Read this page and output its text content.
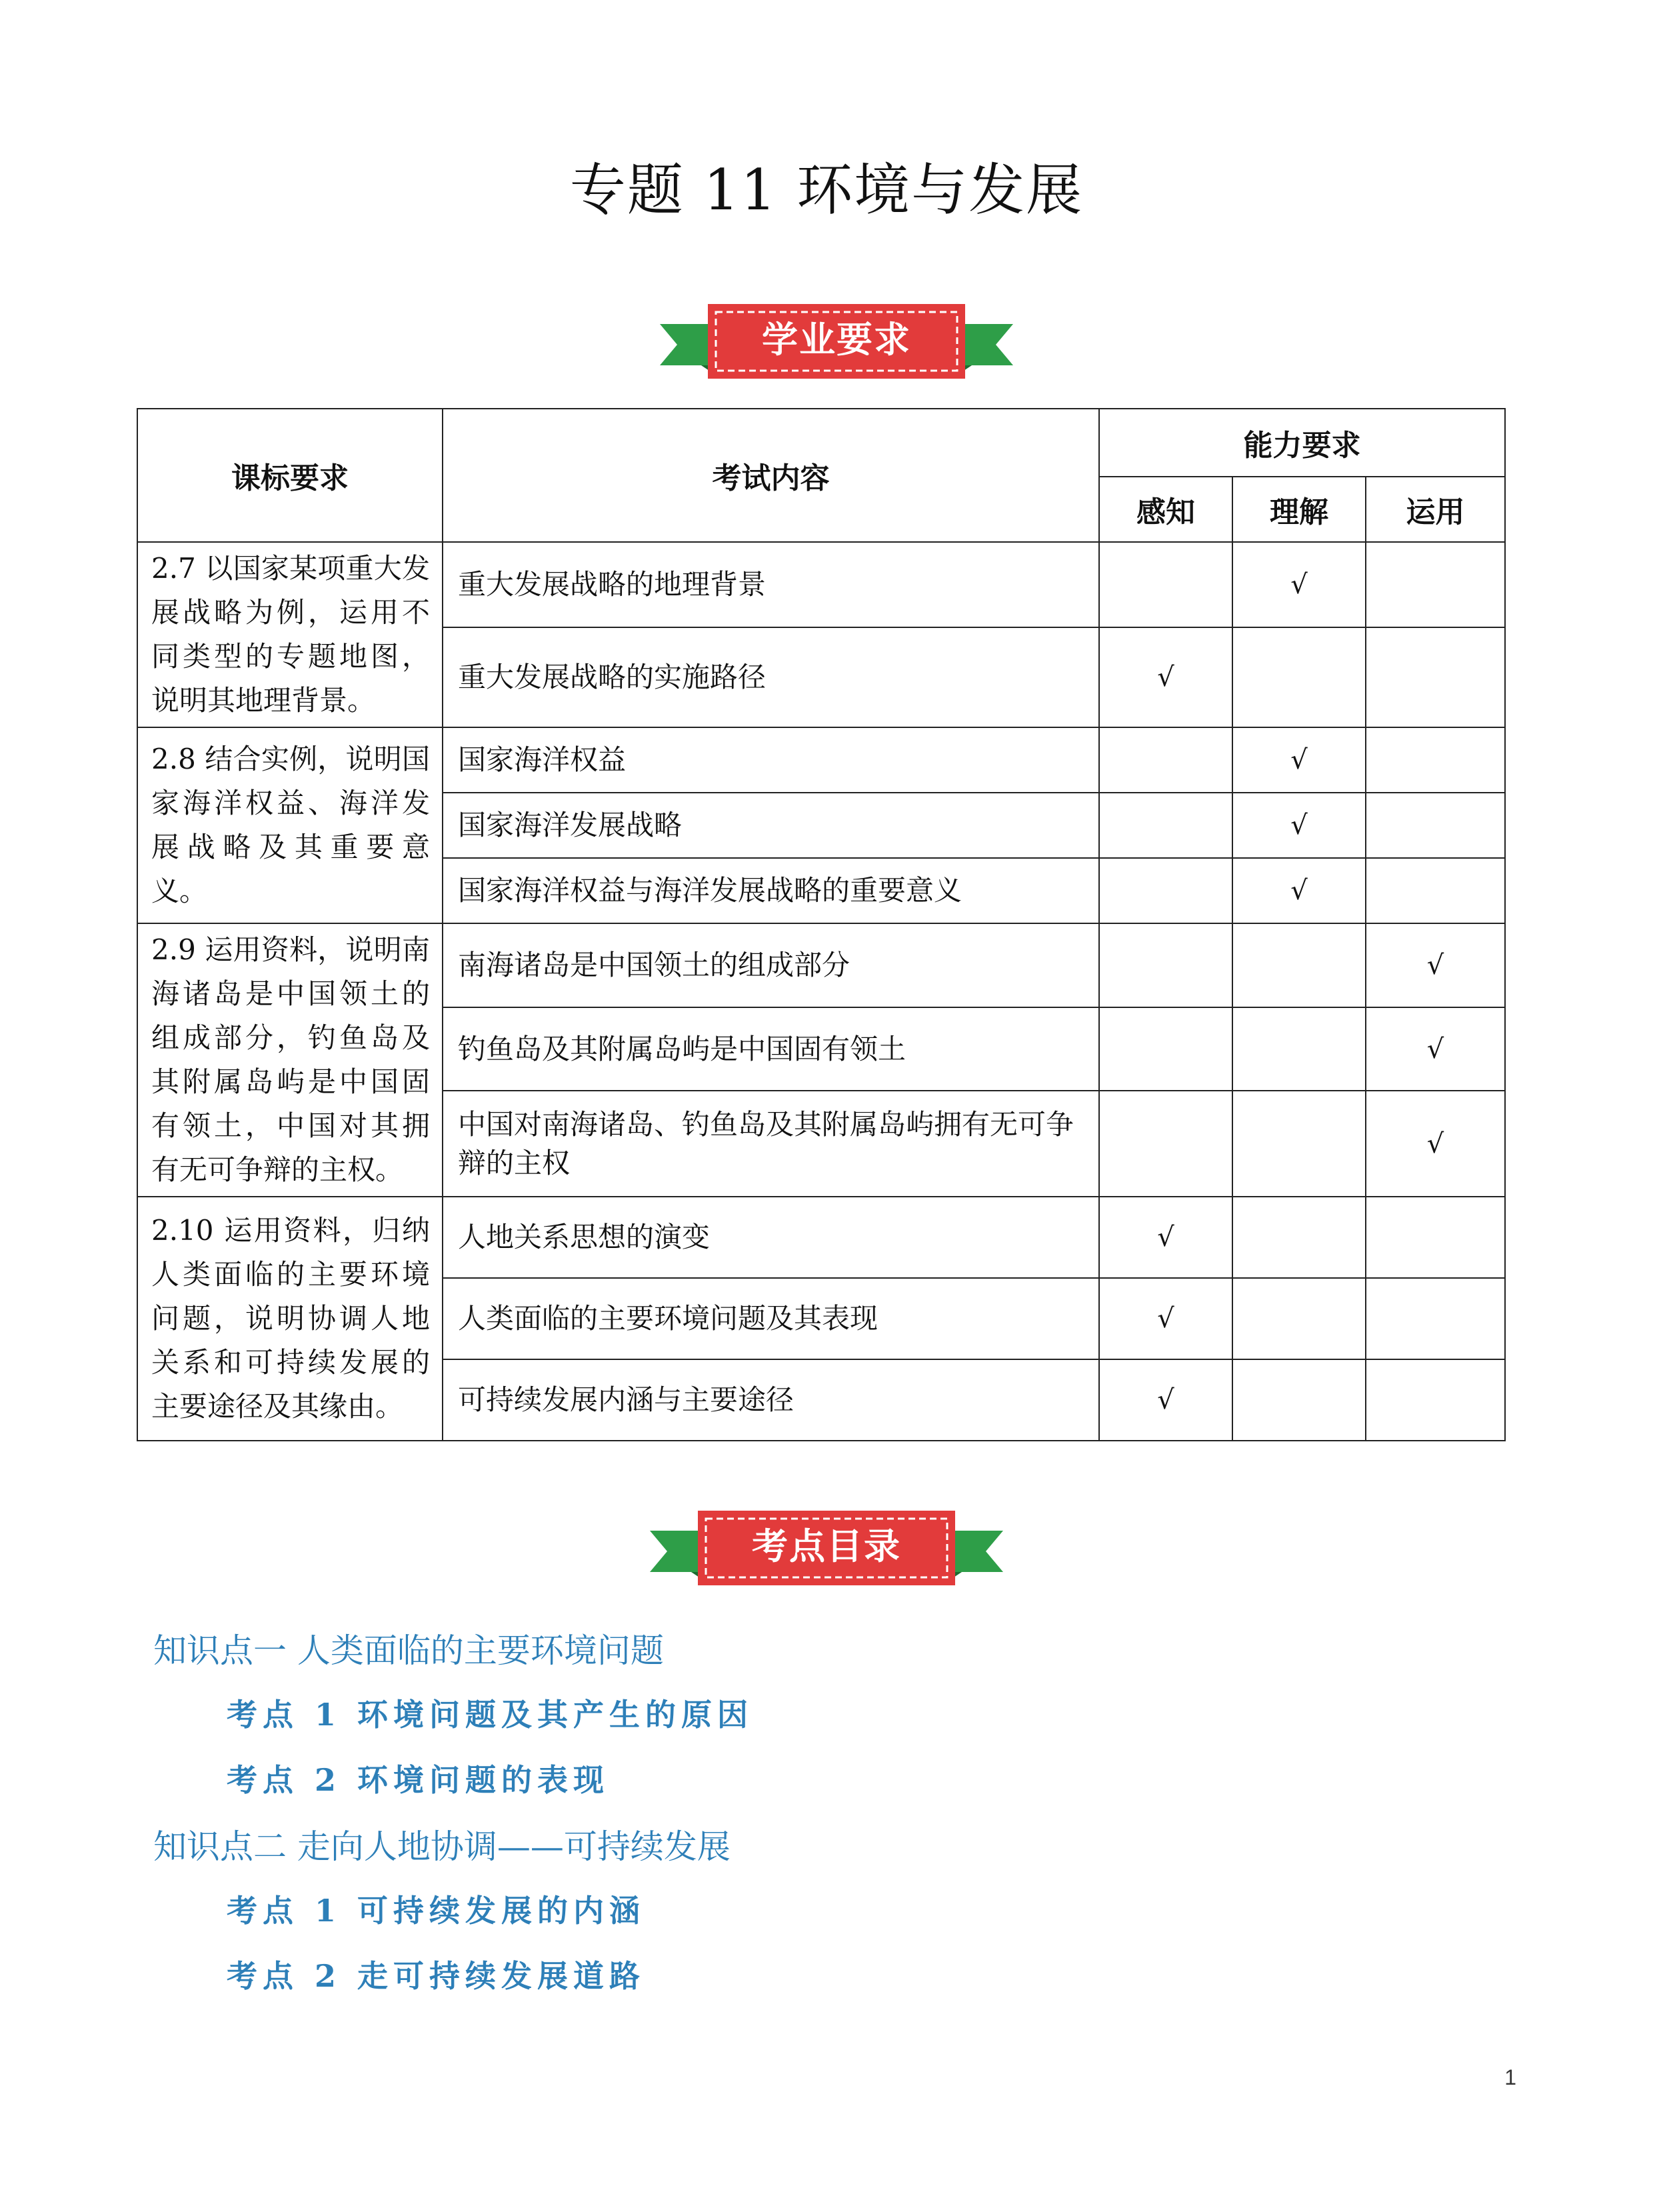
专题 11 环境与发展
学业要求
课标要求	考试内容	能力要求		
		感知	理解	运用
2.7 以国家某项重大发展战略为例，运用不同类型的专题地图，说明其地理背景。	重大发展战略的地理背景		√	
	重大发展战略的实施路径	√		
2.8 结合实例，说明国家海洋权益、海洋发展战略及其重要意义。	国家海洋权益		√	
	国家海洋发展战略		√	
	国家海洋权益与海洋发展战略的重要意义		√	
2.9 运用资料，说明南海诸岛是中国领土的组成部分，钓鱼岛及其附属岛屿是中国固有领土，中国对其拥有无可争辩的主权。	南海诸岛是中国领土的组成部分			√
	钓鱼岛及其附属岛屿是中国固有领土			√
	中国对南海诸岛、钓鱼岛及其附属岛屿拥有无可争辩的主权			√
2.10 运用资料，归纳人类面临的主要环境问题，说明协调人地关系和可持续发展的主要途径及其缘由。	人地关系思想的演变	√		
	人类面临的主要环境问题及其表现	√		
	可持续发展内涵与主要途径	√		
考点目录
知识点一 人类面临的主要环境问题
考点 1 环境问题及其产生的原因
考点 2 环境问题的表现
知识点二 走向人地协调——可持续发展
考点 1 可持续发展的内涵
考点 2 走可持续发展道路
1
